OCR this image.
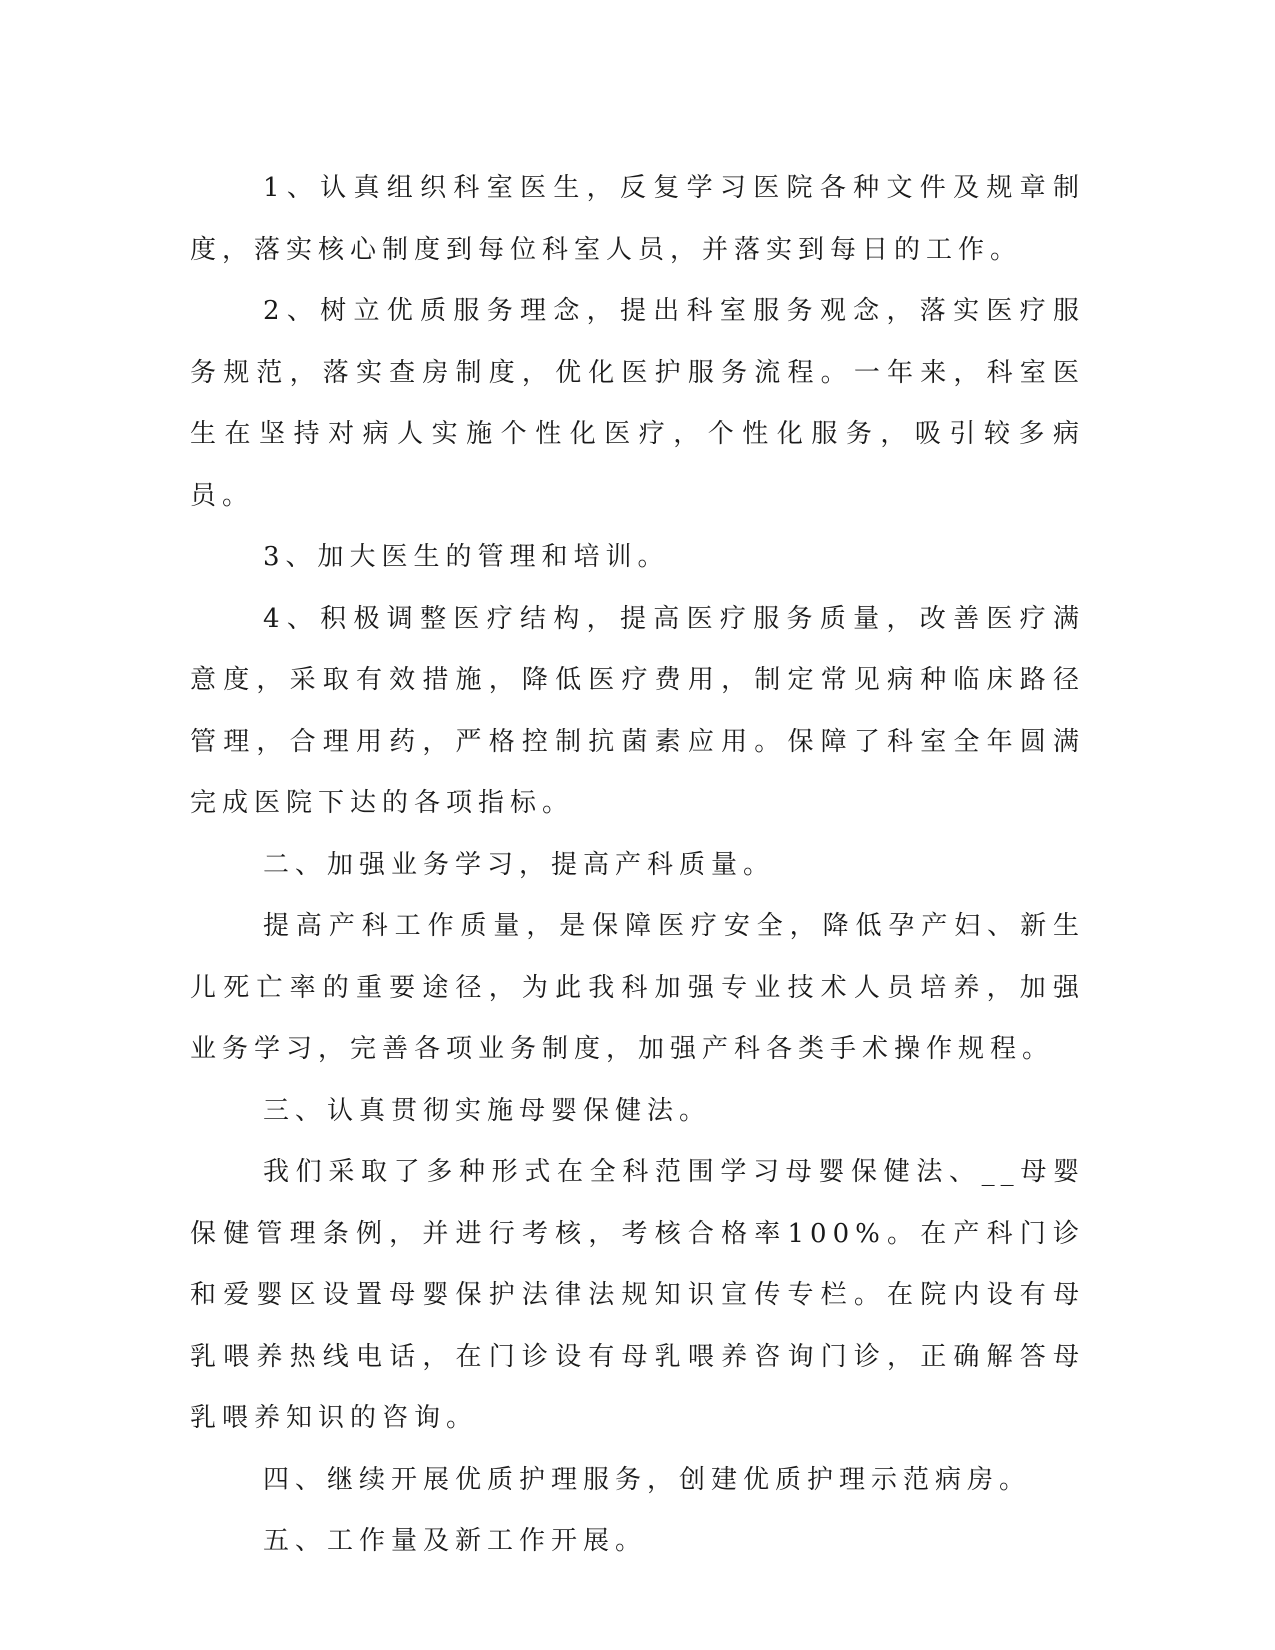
1、认真组织科室医生，反复学习医院各种文件及规章制度，落实核心制度到每位科室人员，并落实到每日的工作。

2、树立优质服务理念，提出科室服务观念，落实医疗服务规范，落实查房制度，优化医护服务流程。一年来，科室医生在坚持对病人实施个性化医疗，个性化服务，吸引较多病员。

3、加大医生的管理和培训。

4、积极调整医疗结构，提高医疗服务质量，改善医疗满意度，采取有效措施，降低医疗费用，制定常见病种临床路径管理，合理用药，严格控制抗菌素应用。保障了科室全年圆满完成医院下达的各项指标。

二、加强业务学习，提高产科质量。

提高产科工作质量，是保障医疗安全，降低孕产妇、新生儿死亡率的重要途径，为此我科加强专业技术人员培养，加强业务学习，完善各项业务制度，加强产科各类手术操作规程。

三、认真贯彻实施母婴保健法。

我们采取了多种形式在全科范围学习母婴保健法、__母婴保健管理条例，并进行考核，考核合格率100%。在产科门诊和爱婴区设置母婴保护法律法规知识宣传专栏。在院内设有母乳喂养热线电话，在门诊设有母乳喂养咨询门诊，正确解答母乳喂养知识的咨询。

四、继续开展优质护理服务，创建优质护理示范病房。

五、工作量及新工作开展。
